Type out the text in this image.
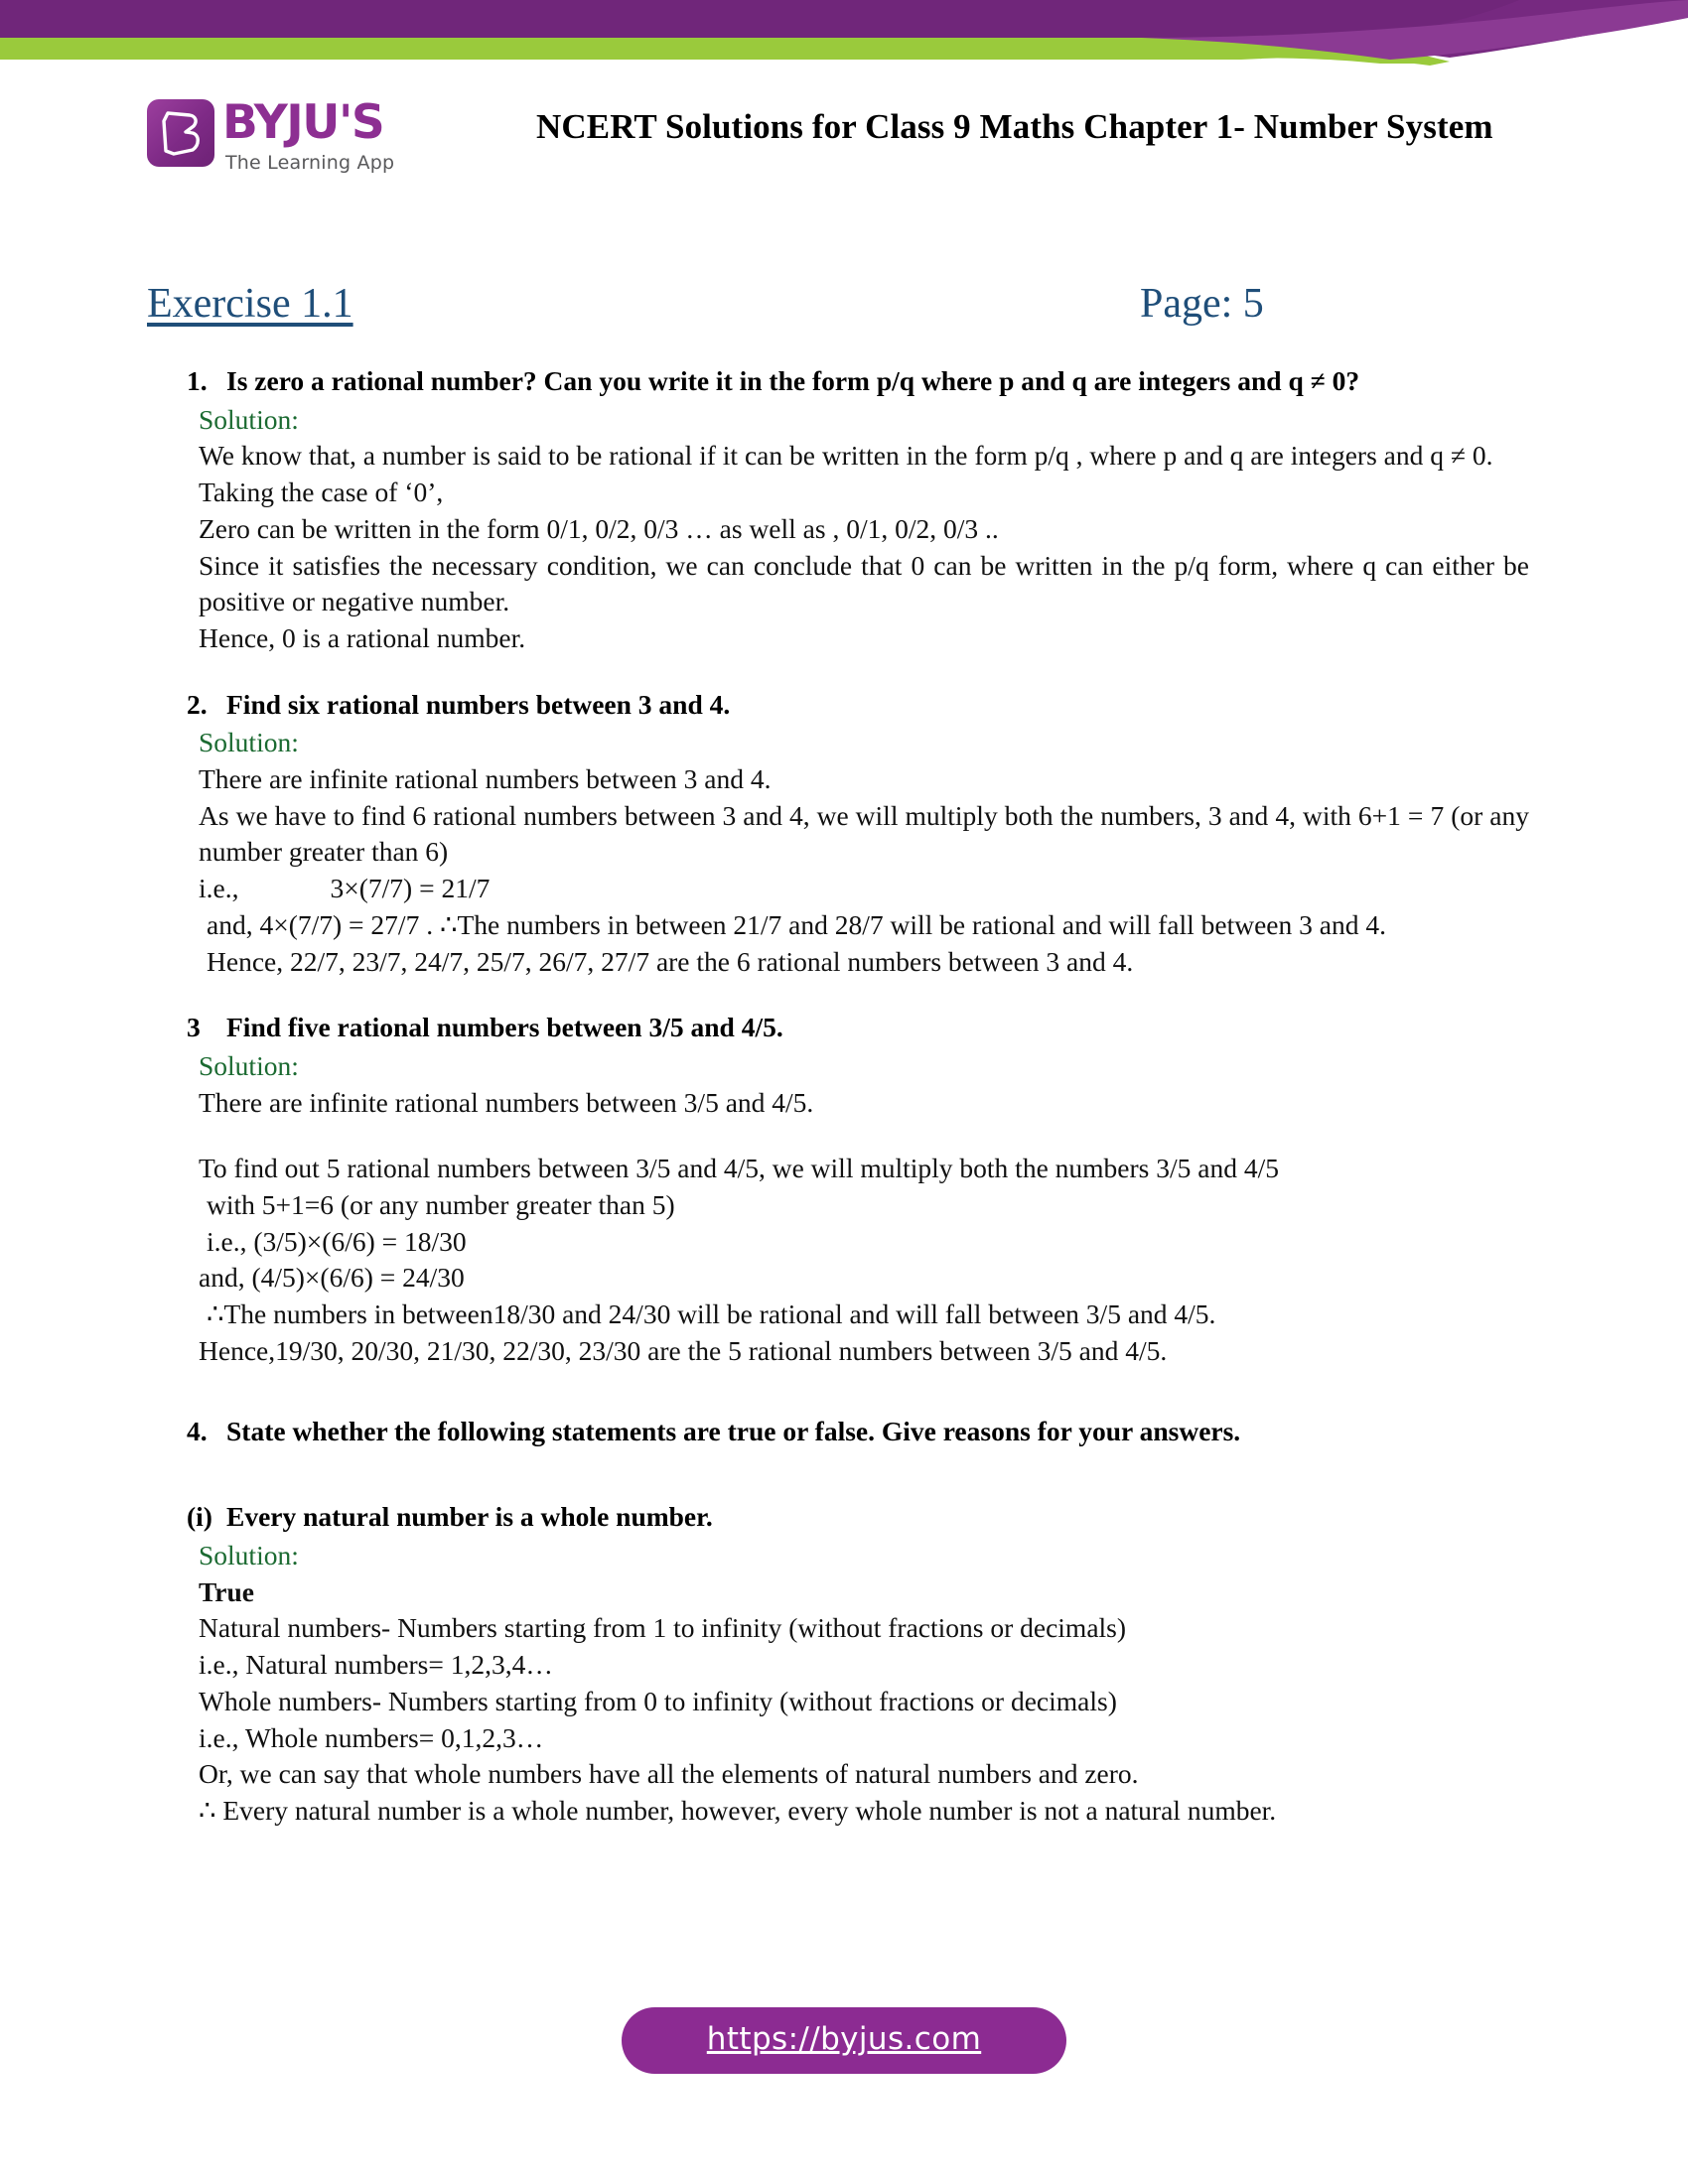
BYJU'S
The Learning App
NCERT Solutions for Class 9 Maths Chapter 1- Number System
Exercise 1.1	Page: 5

1. Is zero a rational number? Can you write it in the form p/q where p and q are integers and q ≠ 0?

Solution:

We know that, a number is said to be rational if it can be written in the form p/q , where p and q are integers and q ≠ 0.

Taking the case of ‘0’,

Zero can be written in the form 0/1, 0/2, 0/3 … as well as , 0/1, 0/2, 0/3 ..

Since it satisfies the necessary condition, we can conclude that 0 can be written in the p/q form, where q can either be positive or negative number.

Hence, 0 is a rational number.

2. Find six rational numbers between 3 and 4.

Solution:

There are infinite rational numbers between 3 and 4.

As we have to find 6 rational numbers between 3 and 4, we will multiply both the numbers, 3 and 4, with 6+1 = 7 (or any number greater than 6)

i.e.,	3×(7/7) = 21/7

and, 4×(7/7) = 27/7 . ∴The numbers in between 21/7 and 28/7 will be rational and will fall between 3 and 4.

Hence, 22/7, 23/7, 24/7, 25/7, 26/7, 27/7 are the 6 rational numbers between 3 and 4.

3 Find five rational numbers between 3/5 and 4/5.

Solution:

There are infinite rational numbers between 3/5 and 4/5.

To find out 5 rational numbers between 3/5 and 4/5, we will multiply both the numbers 3/5 and 4/5

with 5+1=6 (or any number greater than 5)

i.e., (3/5)×(6/6) = 18/30

and, (4/5)×(6/6) = 24/30

∴The numbers in between18/30 and 24/30 will be rational and will fall between 3/5 and 4/5.

Hence,19/30, 20/30, 21/30, 22/30, 23/30 are the 5 rational numbers between 3/5 and 4/5.

4. State whether the following statements are true or false. Give reasons for your answers.

(i) Every natural number is a whole number.

Solution:

True

Natural numbers- Numbers starting from 1 to infinity (without fractions or decimals)

i.e., Natural numbers= 1,2,3,4…

Whole numbers- Numbers starting from 0 to infinity (without fractions or decimals)

i.e., Whole numbers= 0,1,2,3…

Or, we can say that whole numbers have all the elements of natural numbers and zero.

∴ Every natural number is a whole number, however, every whole number is not a natural number.

https://byjus.com
